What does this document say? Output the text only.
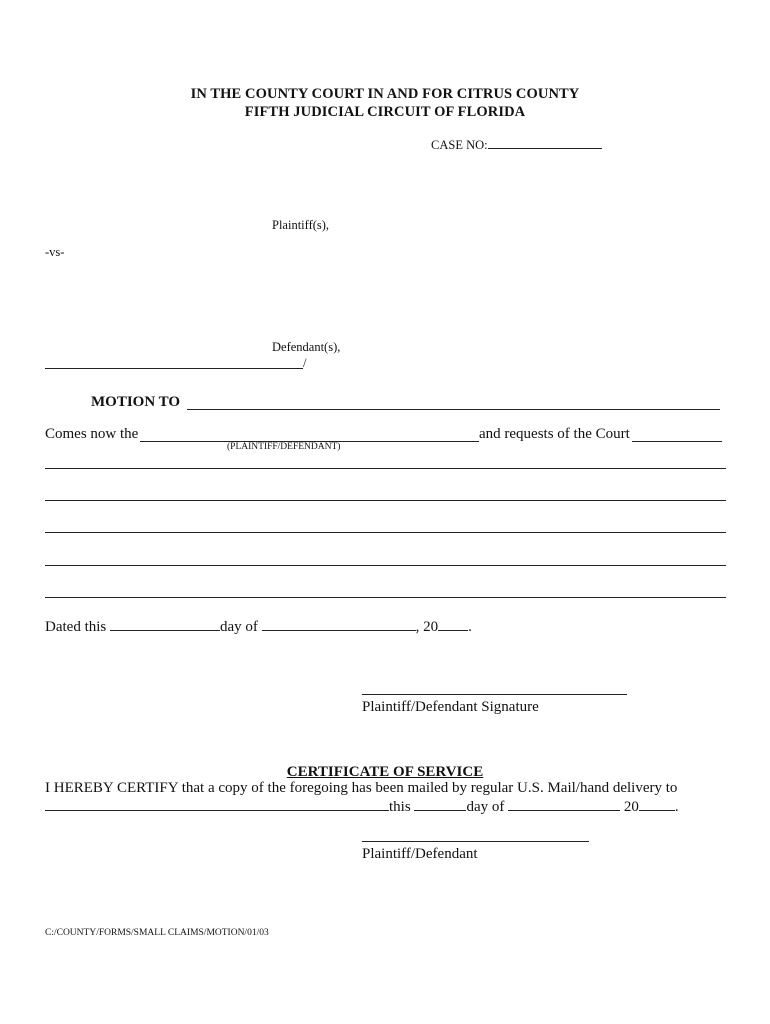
IN THE COUNTY COURT IN AND FOR CITRUS COUNTY
FIFTH JUDICIAL CIRCUIT OF FLORIDA
CASE NO:
Plaintiff(s),
-vs-
Defendant(s),
/
MOTION TO
Comes now the	and requests of the Court
(PLAINTIFF/DEFENDANT)
Dated this	day of	, 20 .
Plaintiff/Defendant Signature
CERTIFICATE OF SERVICE
I HEREBY CERTIFY that a copy of the foregoing has been mailed by regular U.S. Mail/hand delivery to
this	day of	20 .
Plaintiff/Defendant
C:/COUNTY/FORMS/SMALL CLAIMS/MOTION/01/03
